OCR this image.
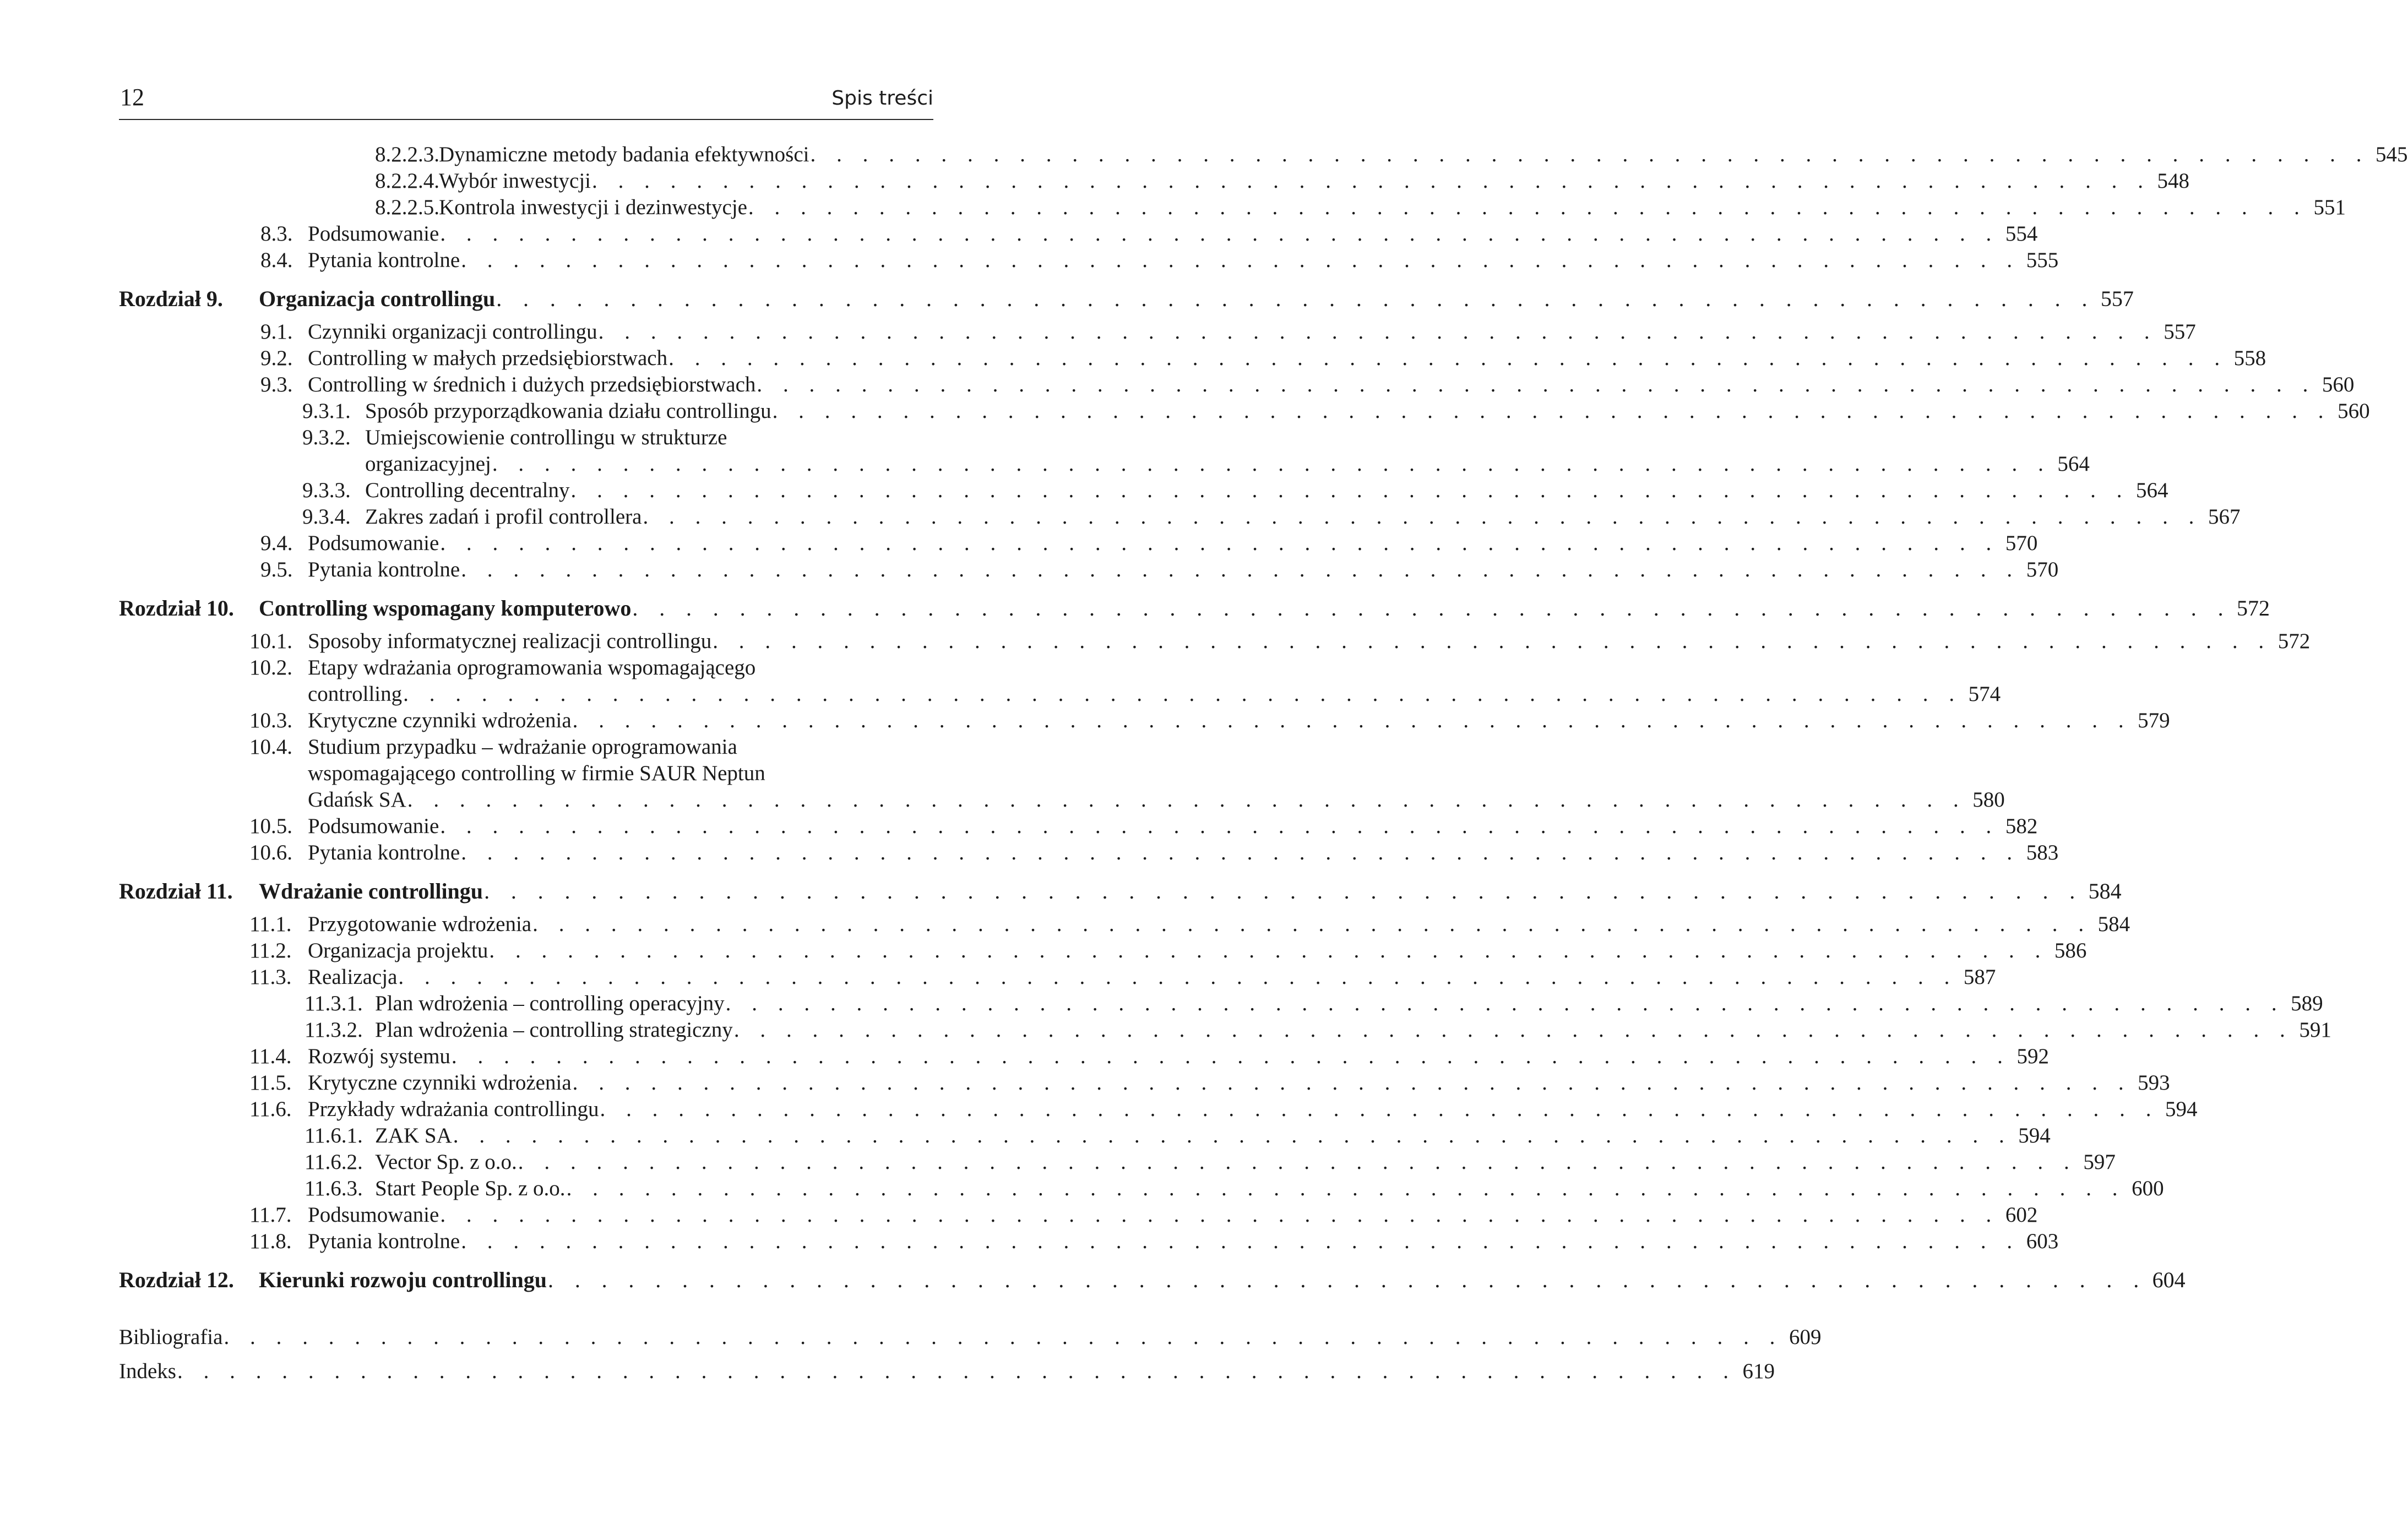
12	Spis treści
8.2.2.3. Dynamiczne metody badania efektywności . . . . . . . . . . . . . . . . . . . . . . . . . . . . . . . . . . . . . . . . . . . . . . . . . . . . . . . . . . . . 545
8.2.2.4. Wybór inwestycji . . . . . . . . . . . . . . . . . . . . . . . . . . . . . . . . . . . . . . . . . . . . . . . . . . . . . . . . . . . . 548
8.2.2.5. Kontrola inwestycji i dezinwestycje . . . . . . . . . . . . . . . . . . . . . . . . . . . . . . . . . . . . . . . . . . . . . . . . . . . . . . . . . . . . 551
8.3. Podsumowanie . . . . . . . . . . . . . . . . . . . . . . . . . . . . . . . . . . . . . . . . . . . . . . . . . . . . . . . . . . . . 554
8.4. Pytania kontrolne . . . . . . . . . . . . . . . . . . . . . . . . . . . . . . . . . . . . . . . . . . . . . . . . . . . . . . . . . . . . 555
Rozdział 9.	Organizacja controllingu . . . . . . . . . . . . . . . . . . . . . . . . . . . . . . . . . . . . . . . . . . . . . . . . . . . . . . . . . . . . 557
9.1. Czynniki organizacji controllingu . . . . . . . . . . . . . . . . . . . . . . . . . . . . . . . . . . . . . . . . . . . . . . . . . . . . . . . . . . . . 557
9.2. Controlling w małych przedsiębiorstwach . . . . . . . . . . . . . . . . . . . . . . . . . . . . . . . . . . . . . . . . . . . . . . . . . . . . . . . . . . . . 558
9.3. Controlling w średnich i dużych przedsiębiorstwach . . . . . . . . . . . . . . . . . . . . . . . . . . . . . . . . . . . . . . . . . . . . . . . . . . . . . . . . . . . . 560
9.3.1. Sposób przyporządkowania działu controllingu . . . . . . . . . . . . . . . . . . . . . . . . . . . . . . . . . . . . . . . . . . . . . . . . . . . . . . . . . . . . 560
9.3.2. Umiejscowienie controllingu w strukturze
organizacyjnej . . . . . . . . . . . . . . . . . . . . . . . . . . . . . . . . . . . . . . . . . . . . . . . . . . . . . . . . . . . . 564
9.3.3. Controlling decentralny . . . . . . . . . . . . . . . . . . . . . . . . . . . . . . . . . . . . . . . . . . . . . . . . . . . . . . . . . . . . 564
9.3.4. Zakres zadań i profil controllera . . . . . . . . . . . . . . . . . . . . . . . . . . . . . . . . . . . . . . . . . . . . . . . . . . . . . . . . . . . . 567
9.4. Podsumowanie . . . . . . . . . . . . . . . . . . . . . . . . . . . . . . . . . . . . . . . . . . . . . . . . . . . . . . . . . . . . 570
9.5. Pytania kontrolne . . . . . . . . . . . . . . . . . . . . . . . . . . . . . . . . . . . . . . . . . . . . . . . . . . . . . . . . . . . . 570
Rozdział 10.	Controlling wspomagany komputerowo . . . . . . . . . . . . . . . . . . . . . . . . . . . . . . . . . . . . . . . . . . . . . . . . . . . . . . . . . . . . 572
10.1. Sposoby informatycznej realizacji controllingu . . . . . . . . . . . . . . . . . . . . . . . . . . . . . . . . . . . . . . . . . . . . . . . . . . . . . . . . . . . . 572
10.2. Etapy wdrażania oprogramowania wspomagającego
controlling . . . . . . . . . . . . . . . . . . . . . . . . . . . . . . . . . . . . . . . . . . . . . . . . . . . . . . . . . . . . 574
10.3. Krytyczne czynniki wdrożenia . . . . . . . . . . . . . . . . . . . . . . . . . . . . . . . . . . . . . . . . . . . . . . . . . . . . . . . . . . . . 579
10.4. Studium przypadku – wdrażanie oprogramowania
wspomagającego controlling w firmie SAUR Neptun
Gdańsk SA . . . . . . . . . . . . . . . . . . . . . . . . . . . . . . . . . . . . . . . . . . . . . . . . . . . . . . . . . . . . 580
10.5. Podsumowanie . . . . . . . . . . . . . . . . . . . . . . . . . . . . . . . . . . . . . . . . . . . . . . . . . . . . . . . . . . . . 582
10.6. Pytania kontrolne . . . . . . . . . . . . . . . . . . . . . . . . . . . . . . . . . . . . . . . . . . . . . . . . . . . . . . . . . . . . 583
Rozdział 11.	Wdrażanie controllingu . . . . . . . . . . . . . . . . . . . . . . . . . . . . . . . . . . . . . . . . . . . . . . . . . . . . . . . . . . . . 584
11.1. Przygotowanie wdrożenia . . . . . . . . . . . . . . . . . . . . . . . . . . . . . . . . . . . . . . . . . . . . . . . . . . . . . . . . . . . . 584
11.2. Organizacja projektu . . . . . . . . . . . . . . . . . . . . . . . . . . . . . . . . . . . . . . . . . . . . . . . . . . . . . . . . . . . . 586
11.3. Realizacja . . . . . . . . . . . . . . . . . . . . . . . . . . . . . . . . . . . . . . . . . . . . . . . . . . . . . . . . . . . . 587
11.3.1. Plan wdrożenia – controlling operacyjny . . . . . . . . . . . . . . . . . . . . . . . . . . . . . . . . . . . . . . . . . . . . . . . . . . . . . . . . . . . . 589
11.3.2. Plan wdrożenia – controlling strategiczny . . . . . . . . . . . . . . . . . . . . . . . . . . . . . . . . . . . . . . . . . . . . . . . . . . . . . . . . . . . . 591
11.4. Rozwój systemu . . . . . . . . . . . . . . . . . . . . . . . . . . . . . . . . . . . . . . . . . . . . . . . . . . . . . . . . . . . . 592
11.5. Krytyczne czynniki wdrożenia . . . . . . . . . . . . . . . . . . . . . . . . . . . . . . . . . . . . . . . . . . . . . . . . . . . . . . . . . . . . 593
11.6. Przykłady wdrażania controllingu . . . . . . . . . . . . . . . . . . . . . . . . . . . . . . . . . . . . . . . . . . . . . . . . . . . . . . . . . . . . 594
11.6.1. ZAK SA . . . . . . . . . . . . . . . . . . . . . . . . . . . . . . . . . . . . . . . . . . . . . . . . . . . . . . . . . . . . 594
11.6.2. Vector Sp. z o.o. . . . . . . . . . . . . . . . . . . . . . . . . . . . . . . . . . . . . . . . . . . . . . . . . . . . . . . . . . . . . 597
11.6.3. Start People Sp. z o.o. . . . . . . . . . . . . . . . . . . . . . . . . . . . . . . . . . . . . . . . . . . . . . . . . . . . . . . . . . . . . 600
11.7. Podsumowanie . . . . . . . . . . . . . . . . . . . . . . . . . . . . . . . . . . . . . . . . . . . . . . . . . . . . . . . . . . . . 602
11.8. Pytania kontrolne . . . . . . . . . . . . . . . . . . . . . . . . . . . . . . . . . . . . . . . . . . . . . . . . . . . . . . . . . . . . 603
Rozdział 12.	Kierunki rozwoju controllingu . . . . . . . . . . . . . . . . . . . . . . . . . . . . . . . . . . . . . . . . . . . . . . . . . . . . . . . . . . . . 604
Bibliografia . . . . . . . . . . . . . . . . . . . . . . . . . . . . . . . . . . . . . . . . . . . . . . . . . . . . . . . . . . . . 609
Indeks . . . . . . . . . . . . . . . . . . . . . . . . . . . . . . . . . . . . . . . . . . . . . . . . . . . . . . . . . . . . 619
